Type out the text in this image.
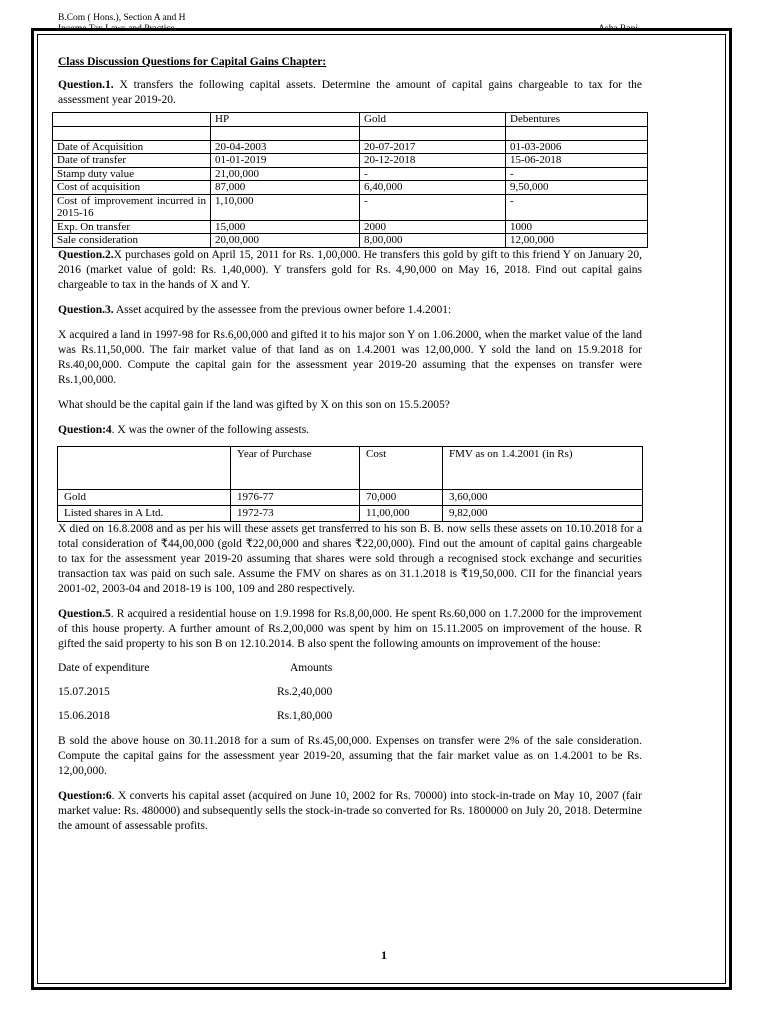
B.Com ( Hons.), Section A and H
Income Tax Laws and Practice	Asha Rani
Class Discussion Questions for Capital Gains Chapter:

Question.1. X transfers the following capital assets. Determine the amount of capital gains chargeable to tax for the assessment year 2019-20.

	HP	Gold	Debentures

Date of Acquisition	20-04-2003	20-07-2017	01-03-2006
Date of transfer	01-01-2019	20-12-2018	15-06-2018
Stamp duty value	21,00,000	-	-
Cost of acquisition	87,000	6,40,000	9,50,000
Cost of improvement incurred in 2015-16	1,10,000	-	-
Exp. On transfer	15,000	2000	1000
Sale consideration	20,00,000	8,00,000	12,00,000

Question.2.X purchases gold on April 15, 2011 for Rs. 1,00,000. He transfers this gold by gift to this friend Y on January 20, 2016 (market value of gold: Rs. 1,40,000). Y transfers gold for Rs. 4,90,000 on May 16, 2018. Find out capital gains chargeable to tax in the hands of X and Y.

Question.3. Asset acquired by the assessee from the previous owner before 1.4.2001:

X acquired a land in 1997-98 for Rs.6,00,000 and gifted it to his major son Y on 1.06.2000, when the market value of the land was Rs.11,50,000. The fair market value of that land as on 1.4.2001 was 12,00,000. Y sold the land on 15.9.2018 for Rs.40,00,000. Compute the capital gain for the assessment year 2019-20 assuming that the expenses on transfer were Rs.1,00,000.

What should be the capital gain if the land was gifted by X on this son on 15.5.2005?

Question:4. X was the owner of the following assests.

	Year of Purchase	Cost	FMV as on 1.4.2001 (in Rs)
Gold	1976-77	70,000	3,60,000
Listed shares in A Ltd.	1972-73	11,00,000	9,82,000

X died on 16.8.2008 and as per his will these assets get transferred to his son B. B. now sells these assets on 10.10.2018 for a total consideration of ₹44,00,000 (gold ₹22,00,000 and shares ₹22,00,000). Find out the amount of capital gains chargeable to tax for the assessment year 2019-20 assuming that shares were sold through a recognised stock exchange and securities transaction tax was paid on such sale. Assume the FMV on shares as on 31.1.2018 is ₹19,50,000. CII for the financial years 2001-02, 2003-04 and 2018-19 is 100, 109 and 280 respectively.

Question.5. R acquired a residential house on 1.9.1998 for Rs.8,00,000. He spent Rs.60,000 on 1.7.2000 for the improvement of this house property. A further amount of Rs.2,00,000 was spent by him on 15.11.2005 on improvement of the house. R gifted the said property to his son B on 12.10.2014. B also spent the following amounts on improvement of the house:

Date of expenditure	Amounts
15.07.2015	Rs.2,40,000
15.06.2018	Rs.1,80,000

B sold the above house on 30.11.2018 for a sum of Rs.45,00,000. Expenses on transfer were 2% of the sale consideration. Compute the capital gains for the assessment year 2019-20, assuming that the fair market value as on 1.4.2001 to be Rs. 12,00,000.

Question:6. X converts his capital asset (acquired on June 10, 2002 for Rs. 70000) into stock-in-trade on May 10, 2007 (fair market value: Rs. 480000) and subsequently sells the stock-in-trade so converted for Rs. 1800000 on July 20, 2018. Determine the amount of assessable profits.

1
